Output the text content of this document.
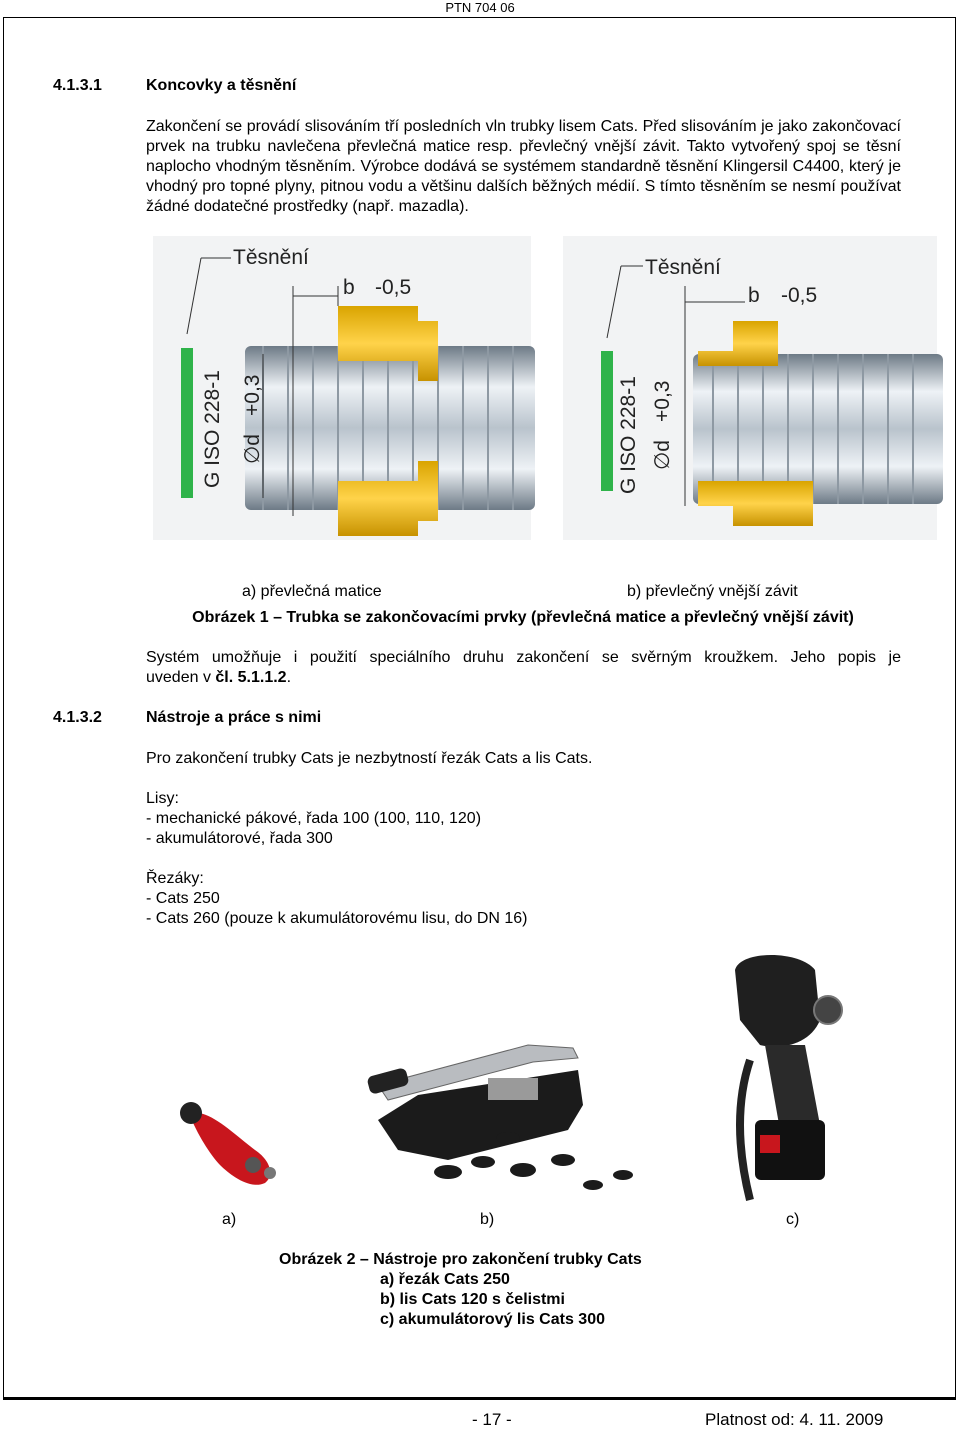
PTN 704 06
4.1.3.1	Koncovky a těsnění
Zakončení se provádí slisováním tří posledních vln trubky lisem Cats. Před slisováním je jako zakončovací prvek na trubku navlečena převlečná matice resp. převlečný vnější závit. Takto vytvořený spoj se těsní naplocho vhodným těsněním. Výrobce dodává se systémem standardně těsnění Klingersil C4400, který je vhodný pro topné plyny, pitnou vodu a většinu dalších běžných médií. S tímto těsněním se nesmí používat žádné dodatečné prostředky (např. mazadla).
Těsnění
b -0,5
G ISO 228-1 ∅d
+0,3
Těsnění
b -0,5
G ISO 228-1 ∅d
+0,3
a) převlečná matice	b) převlečný vnější závit
Obrázek 1 – Trubka se zakončovacími prvky (převlečná matice a převlečný vnější závit)
Systém umožňuje i použití speciálního druhu zakončení se svěrným kroužkem. Jeho popis je
uveden v čl. 5.1.1.2.
4.1.3.2	Nástroje a práce s nimi
Pro zakončení trubky Cats je nezbytností řezák Cats a lis Cats.
Lisy:
- mechanické pákové, řada 100 (100, 110, 120)
- akumulátorové, řada 300
Řezáky:
- Cats 250
- Cats 260 (pouze k akumulátorovému lisu, do DN 16)
a)	b)	c)
Obrázek 2 – Nástroje pro zakončení trubky Cats
a) řezák Cats 250
b) lis Cats 120 s čelistmi
c) akumulátorový lis Cats 300
- 17 -	Platnost od: 4. 11. 2009
